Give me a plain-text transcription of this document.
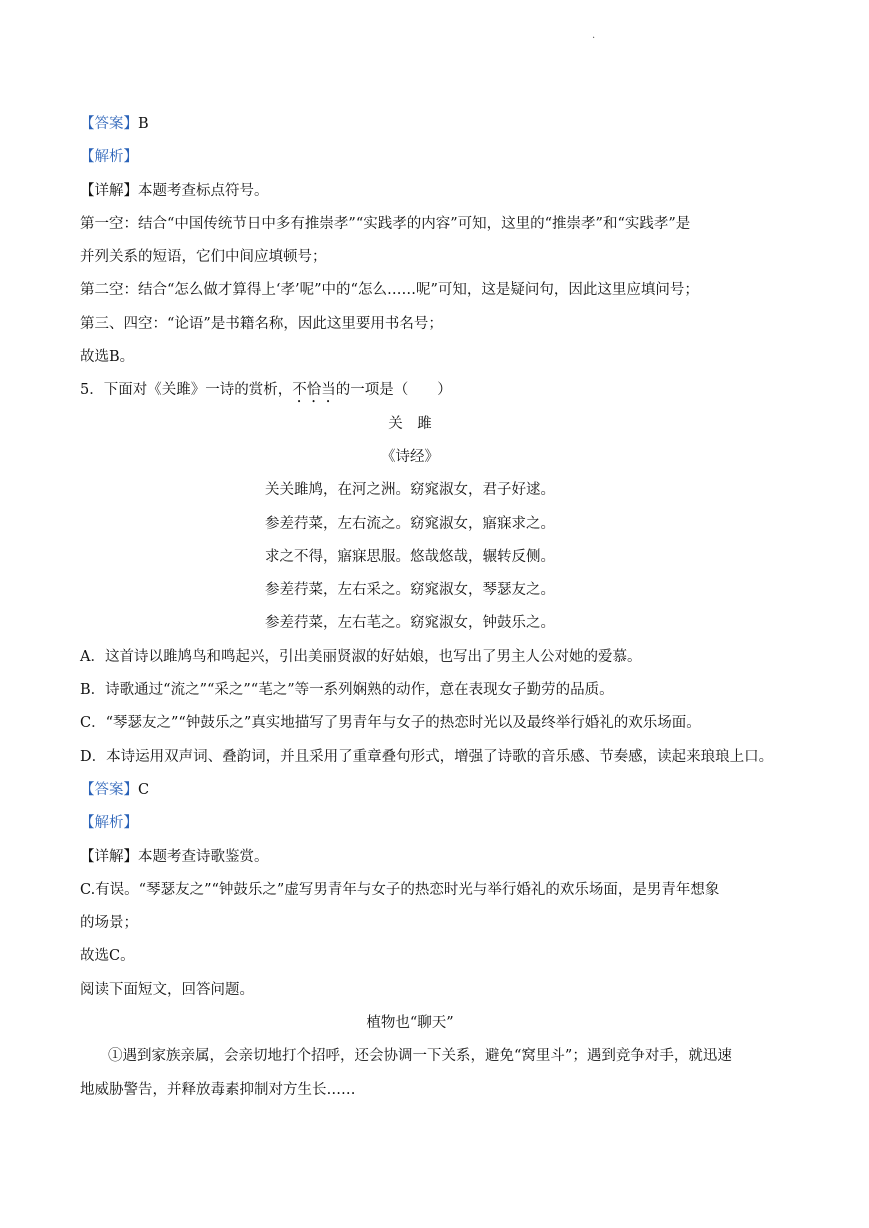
.
【答案】B
【解析】
【详解】本题考查标点符号。
第一空：结合“中国传统节日中多有推崇孝”“实践孝的内容”可知，这里的“推崇孝”和“实践孝”是
并列关系的短语，它们中间应填顿号；
第二空：结合“怎么做才算得上‘孝’呢”中的“怎么……呢”可知，这是疑问句，因此这里应填问号；
第三、四空：“论语”是书籍名称，因此这里要用书名号；
故选B。
5．下面对《关雎》一诗的赏析，不恰当的一项是（　　）
关　雎
《诗经》
关关雎鸠，在河之洲。窈窕淑女，君子好逑。
参差荇菜，左右流之。窈窕淑女，寤寐求之。
求之不得，寤寐思服。悠哉悠哉，辗转反侧。
参差荇菜，左右采之。窈窕淑女，琴瑟友之。
参差荇菜，左右芼之。窈窕淑女，钟鼓乐之。
A．这首诗以雎鸠鸟和鸣起兴，引出美丽贤淑的好姑娘，也写出了男主人公对她的爱慕。
B．诗歌通过“流之”“采之”“芼之”等一系列娴熟的动作，意在表现女子勤劳的品质。
C．“琴瑟友之”“钟鼓乐之”真实地描写了男青年与女子的热恋时光以及最终举行婚礼的欢乐场面。
D．本诗运用双声词、叠韵词，并且采用了重章叠句形式，增强了诗歌的音乐感、节奏感，读起来琅琅上口。
【答案】C
【解析】
【详解】本题考查诗歌鉴赏。
C.有误。“琴瑟友之”“钟鼓乐之”虚写男青年与女子的热恋时光与举行婚礼的欢乐场面，是男青年想象
的场景；
故选C。
阅读下面短文，回答问题。
植物也“聊天”
①遇到家族亲属，会亲切地打个招呼，还会协调一下关系，避免“窝里斗”；遇到竞争对手，就迅速
地威胁警告，并释放毒素抑制对方生长……
